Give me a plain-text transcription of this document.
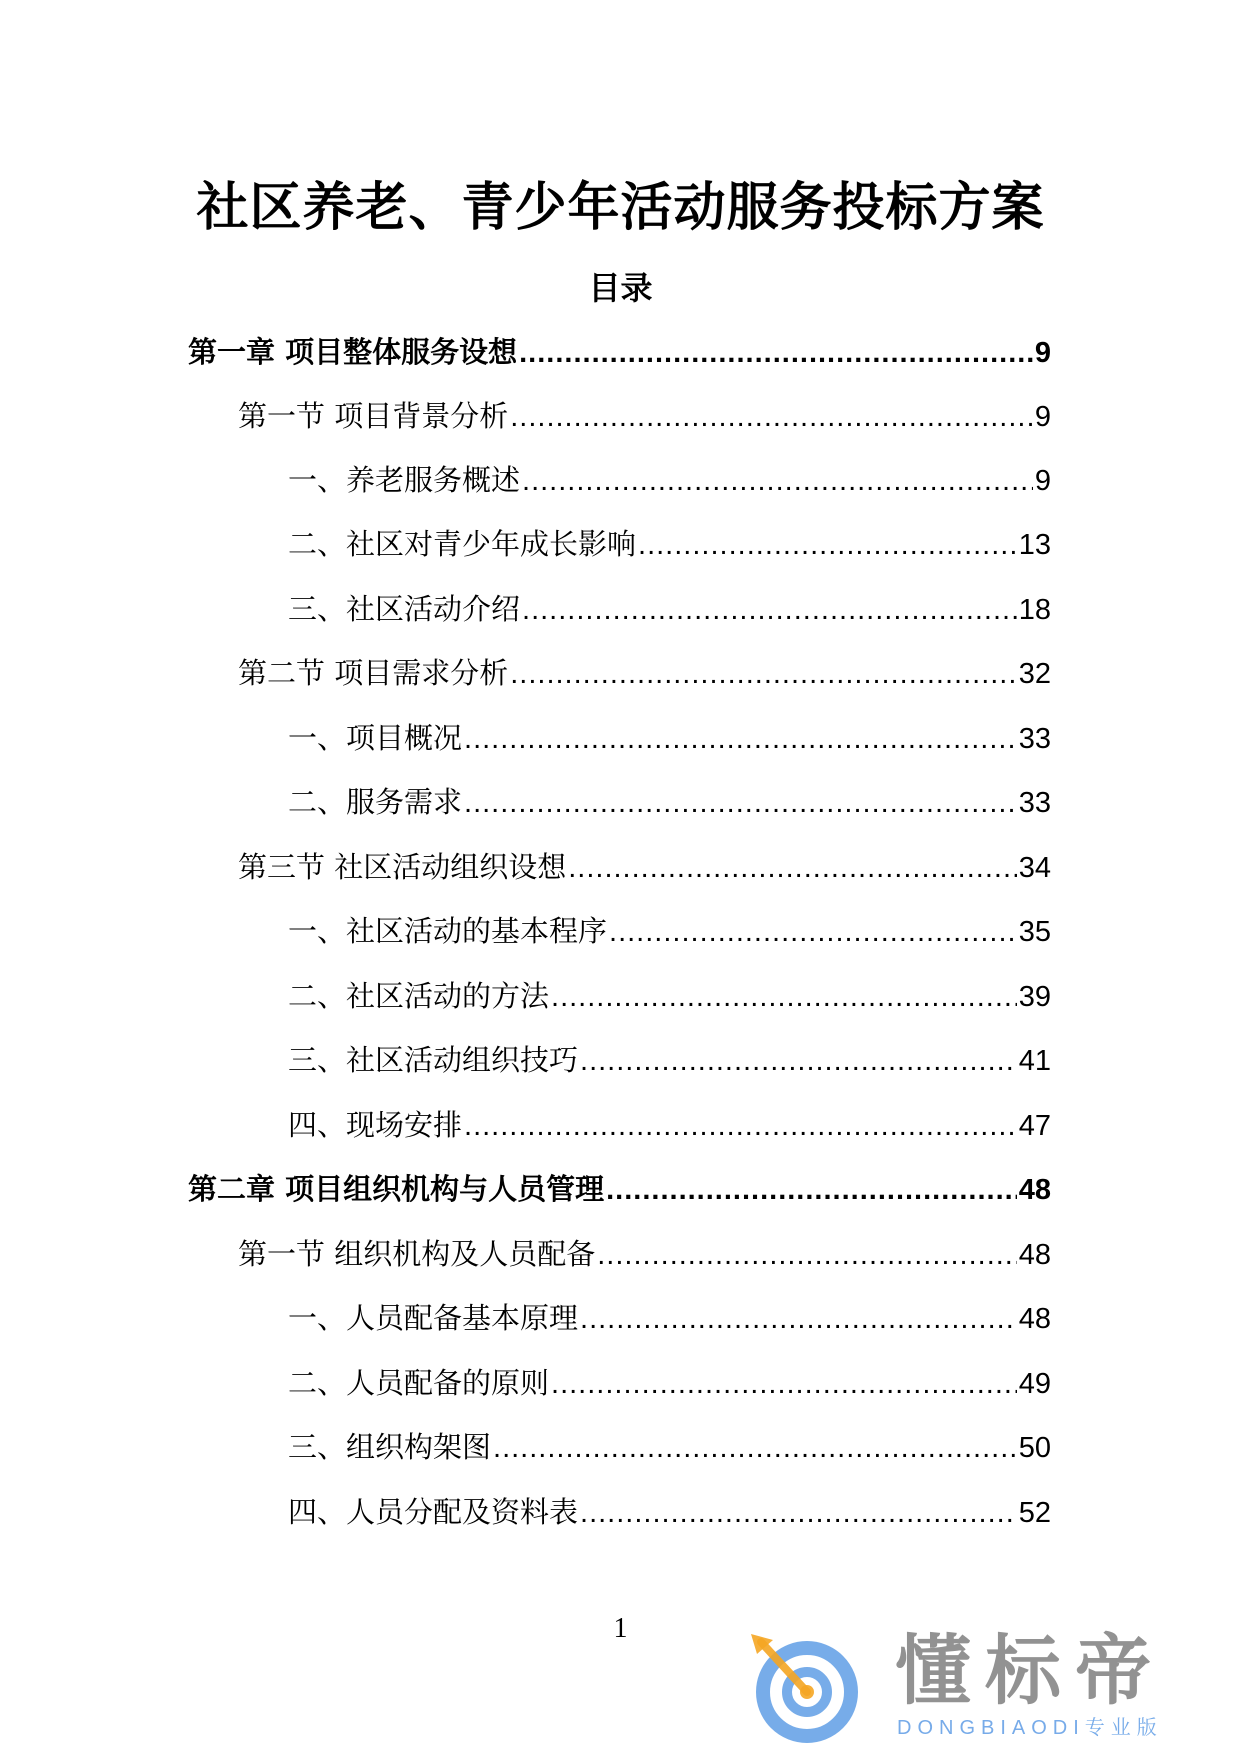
社区养老、青少年活动服务投标方案
目录
第一章 项目整体服务设想 .....	9
第一节 项目背景分析 .....	9
一、养老服务概述 .....	9
二、社区对青少年成长影响 .....	13
三、社区活动介绍 .....	18
第二节 项目需求分析 .....	32
一、项目概况 .....	33
二、服务需求 .....	33
第三节 社区活动组织设想 .....	34
一、社区活动的基本程序 .....	35
二、社区活动的方法 .....	39
三、社区活动组织技巧 .....	41
四、现场安排 .....	47
第二章 项目组织机构与人员管理 .....	48
第一节 组织机构及人员配备 .....	48
一、人员配备基本原理 .....	48
二、人员配备的原则 .....	49
三、组织构架图 .....	50
四、人员分配及资料表 .....	52
1	懂标帝
DONGBIAODI专业版
